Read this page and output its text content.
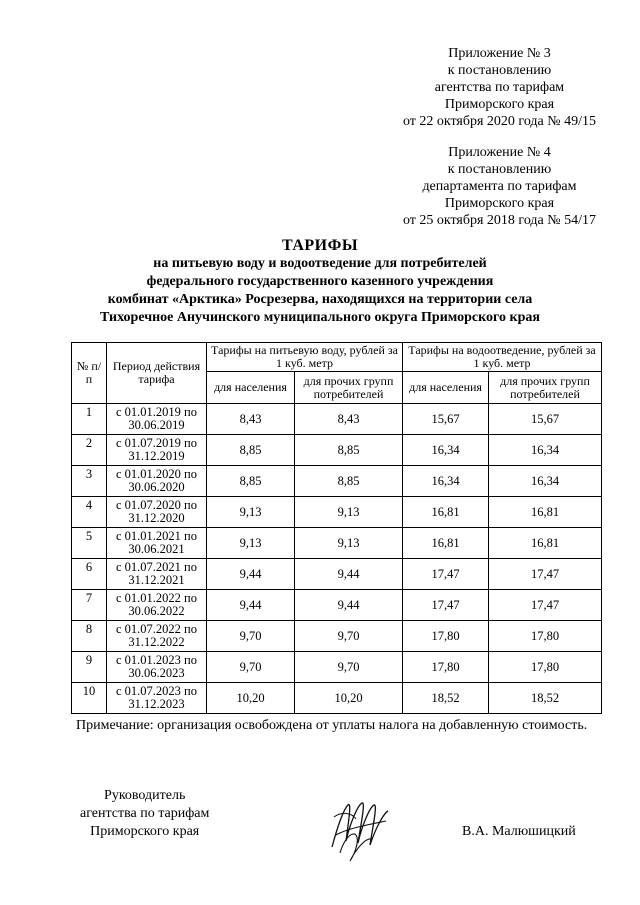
Приложение № 3
к постановлению
агентства по тарифам
Приморского края
от 22 октября 2020 года № 49/15
Приложение № 4
к постановлению
департамента по тарифам
Приморского края
от 25 октября 2018 года № 54/17
ТАРИФЫ
на питьевую воду и водоотведение для потребителей
федерального государственного казенного учреждения
комбинат «Арктика» Росрезерва, находящихся на территории села
Тихоречное Анучинского муниципального округа Приморского края
№ п/п	Период действия тарифа	Тарифы на питьевую воду, рублей за 1 куб. метр		Тарифы на водоотведение, рублей за 1 куб. метр	
		для населения	для прочих групп потребителей	для населения	для прочих групп потребителей
1	с 01.01.2019 по 30.06.2019	8,43	8,43	15,67	15,67
2	с 01.07.2019 по 31.12.2019	8,85	8,85	16,34	16,34
3	с 01.01.2020 по 30.06.2020	8,85	8,85	16,34	16,34
4	с 01.07.2020 по 31.12.2020	9,13	9,13	16,81	16,81
5	с 01.01.2021 по 30.06.2021	9,13	9,13	16,81	16,81
6	с 01.07.2021 по 31.12.2021	9,44	9,44	17,47	17,47
7	с 01.01.2022 по 30.06.2022	9,44	9,44	17,47	17,47
8	с 01.07.2022 по 31.12.2022	9,70	9,70	17,80	17,80
9	с 01.01.2023 по 30.06.2023	9,70	9,70	17,80	17,80
10	с 01.07.2023 по 31.12.2023	10,20	10,20	18,52	18,52
Примечание: организация освобождена от уплаты налога на добавленную стоимость.
Руководитель
агентства по тарифам
Приморского края	В.А. Малюшицкий
